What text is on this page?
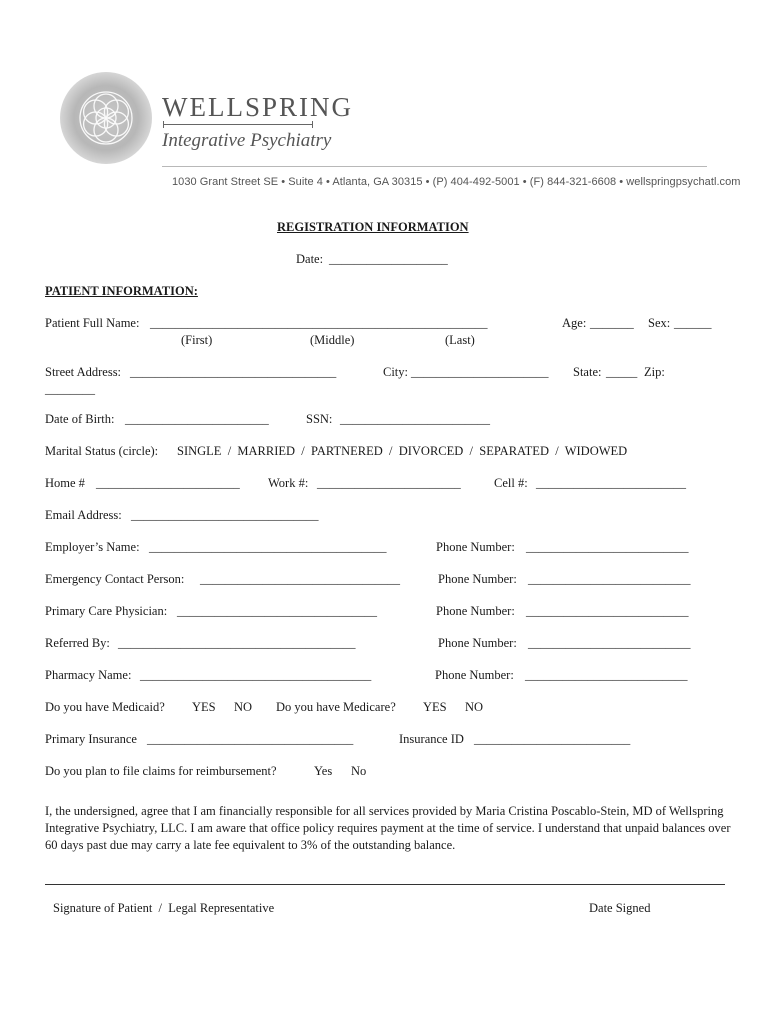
WELLSPRING
Integrative Psychiatry
1030 Grant Street SE • Suite 4 • Atlanta, GA 30315 • (P) 404-492-5001 • (F) 844-321-6608 • wellspringpsychatl.com
REGISTRATION INFORMATION
Date: ___________________
PATIENT INFORMATION:
Patient Full Name: ______________________________________________________	Age: _______ Sex: ______
(First)	(Middle)	(Last)
Street Address: _________________________________	City: ______________________ State: _____ Zip:
________
Date of Birth: _______________________	SSN: ________________________
Marital Status (circle): SINGLE  /  MARRIED  /  PARTNERED  /  DIVORCED  /  SEPARATED  /  WIDOWED
Home # _______________________ Work #: _______________________	Cell #: ________________________
Email Address: ______________________________
Employer’s Name: ______________________________________	Phone Number: __________________________
Emergency Contact Person: ________________________________	Phone Number: __________________________
Primary Care Physician: ________________________________	Phone Number: __________________________
Referred By: ______________________________________	Phone Number: __________________________
Pharmacy Name: _____________________________________	Phone Number: __________________________
Do you have Medicaid? YES NO Do you have Medicare? YES NO
Primary Insurance _________________________________	Insurance ID _________________________
Do you plan to file claims for reimbursement?	Yes No
I, the undersigned, agree that I am financially responsible for all services provided by Maria Cristina Poscablo-Stein, MD of Wellspring Integrative Psychiatry, LLC. I am aware that office policy requires payment at the time of service. I understand that unpaid balances over 60 days past due may carry a late fee equivalent to 3% of the outstanding balance.
Signature of Patient  /  Legal Representative	Date Signed
